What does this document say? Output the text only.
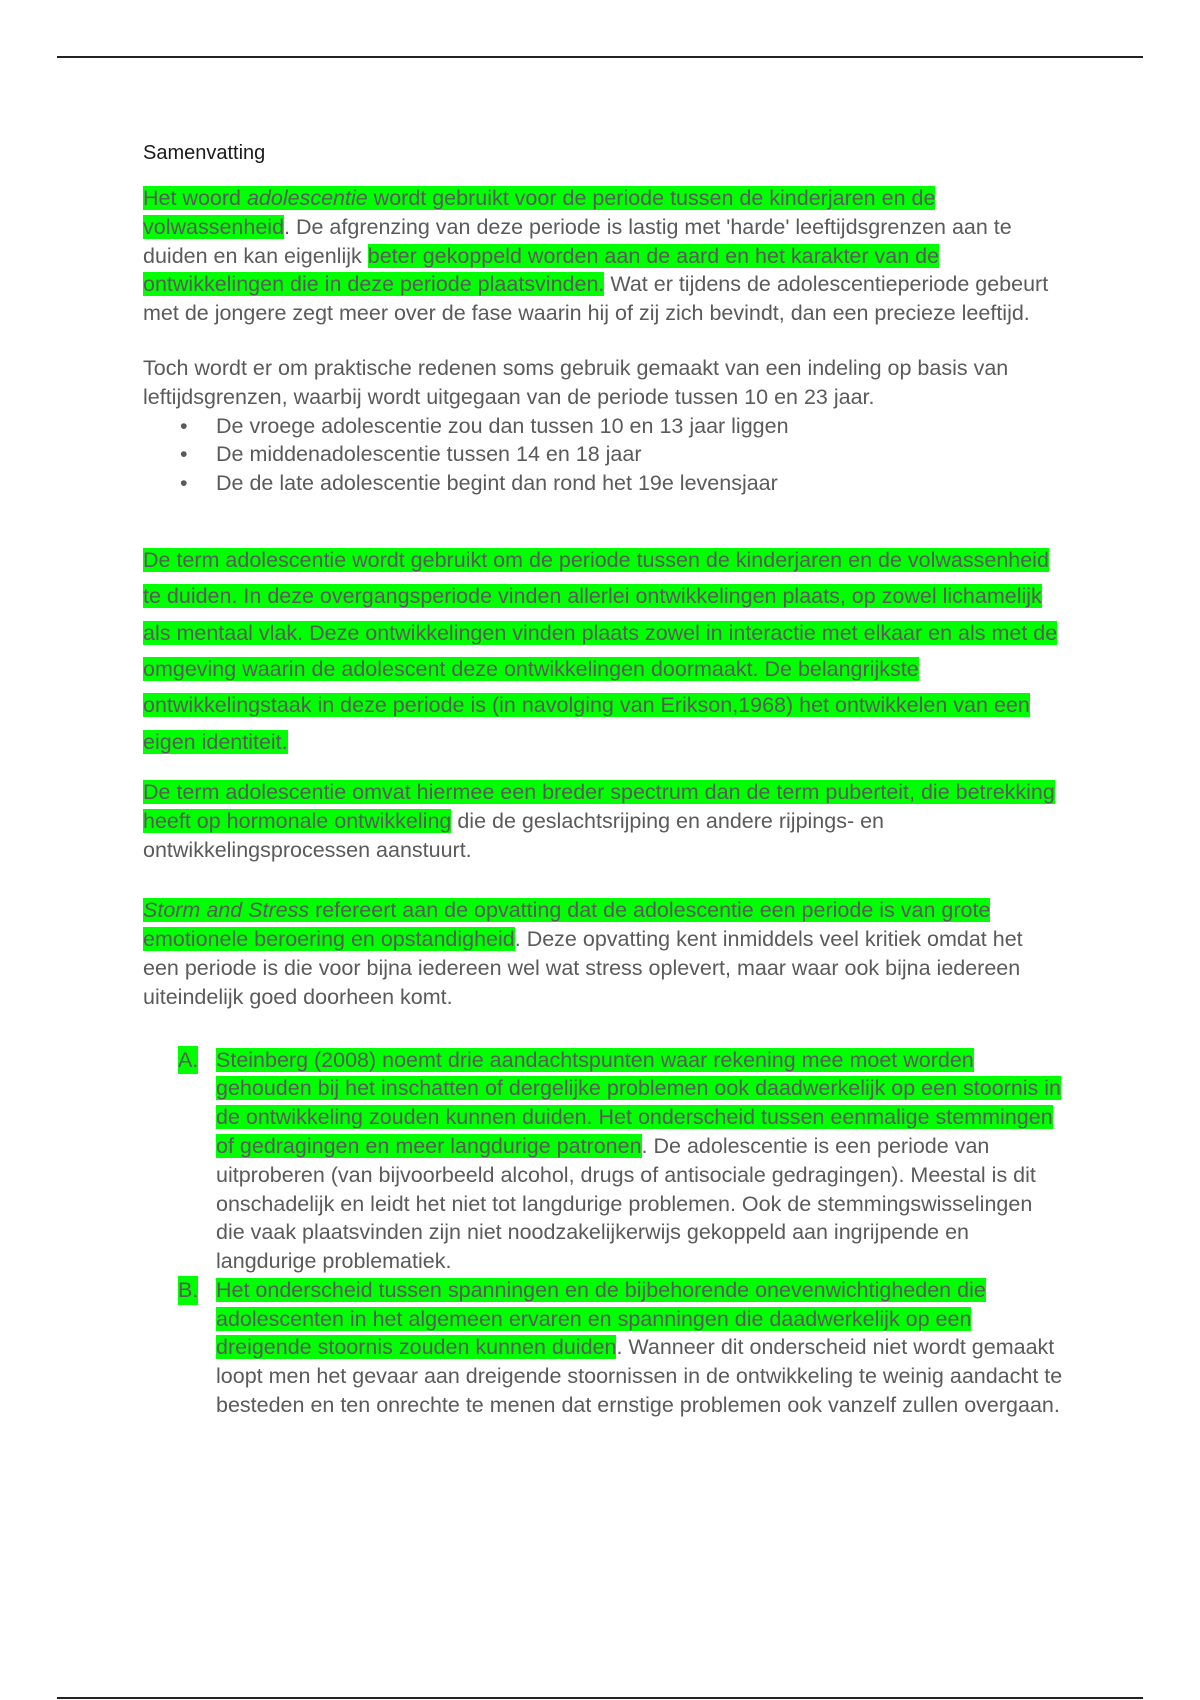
Samenvatting

Het woord adolescentie wordt gebruikt voor de periode tussen de kinderjaren en de volwassenheid. De afgrenzing van deze periode is lastig met 'harde' leeftijdsgrenzen aan te duiden en kan eigenlijk beter gekoppeld worden aan de aard en het karakter van de ontwikkelingen die in deze periode plaatsvinden. Wat er tijdens de adolescentieperiode gebeurt met de jongere zegt meer over de fase waarin hij of zij zich bevindt, dan een precieze leeftijd.

Toch wordt er om praktische redenen soms gebruik gemaakt van een indeling op basis van leftijdsgrenzen, waarbij wordt uitgegaan van de periode tussen 10 en 23 jaar.

• De vroege adolescentie zou dan tussen 10 en 13 jaar liggen
• De middenadolescentie tussen 14 en 18 jaar
• De de late adolescentie begint dan rond het 19e levensjaar

De term adolescentie wordt gebruikt om de periode tussen de kinderjaren en de volwassenheid te duiden. In deze overgangsperiode vinden allerlei ontwikkelingen plaats, op zowel lichamelijk als mentaal vlak. Deze ontwikkelingen vinden plaats zowel in interactie met elkaar en als met de omgeving waarin de adolescent deze ontwikkelingen doormaakt. De belangrijkste ontwikkelingstaak in deze periode is (in navolging van Erikson,1968) het ontwikkelen van een eigen identiteit.

De term adolescentie omvat hiermee een breder spectrum dan de term puberteit, die betrekking heeft op hormonale ontwikkeling die de geslachtsrijping en andere rijpings- en ontwikkelingsprocessen aanstuurt.

Storm and Stress refereert aan de opvatting dat de adolescentie een periode is van grote emotionele beroering en opstandigheid. Deze opvatting kent inmiddels veel kritiek omdat het een periode is die voor bijna iedereen wel wat stress oplevert, maar waar ook bijna iedereen uiteindelijk goed doorheen komt.

A. Steinberg (2008) noemt drie aandachtspunten waar rekening mee moet worden gehouden bij het inschatten of dergelijke problemen ook daadwerkelijk op een stoornis in de ontwikkeling zouden kunnen duiden. Het onderscheid tussen eenmalige stemmingen of gedragingen en meer langdurige patronen. De adolescentie is een periode van uitproberen (van bijvoorbeeld alcohol, drugs of antisociale gedragingen). Meestal is dit onschadelijk en leidt het niet tot langdurige problemen. Ook de stemmingswisselingen die vaak plaatsvinden zijn niet noodzakelijkerwijs gekoppeld aan ingrijpende en langdurige problematiek.
B. Het onderscheid tussen spanningen en de bijbehorende onevenwichtigheden die adolescenten in het algemeen ervaren en spanningen die daadwerkelijk op een dreigende stoornis zouden kunnen duiden. Wanneer dit onderscheid niet wordt gemaakt loopt men het gevaar aan dreigende stoornissen in de ontwikkeling te weinig aandacht te besteden en ten onrechte te menen dat ernstige problemen ook vanzelf zullen overgaan.
